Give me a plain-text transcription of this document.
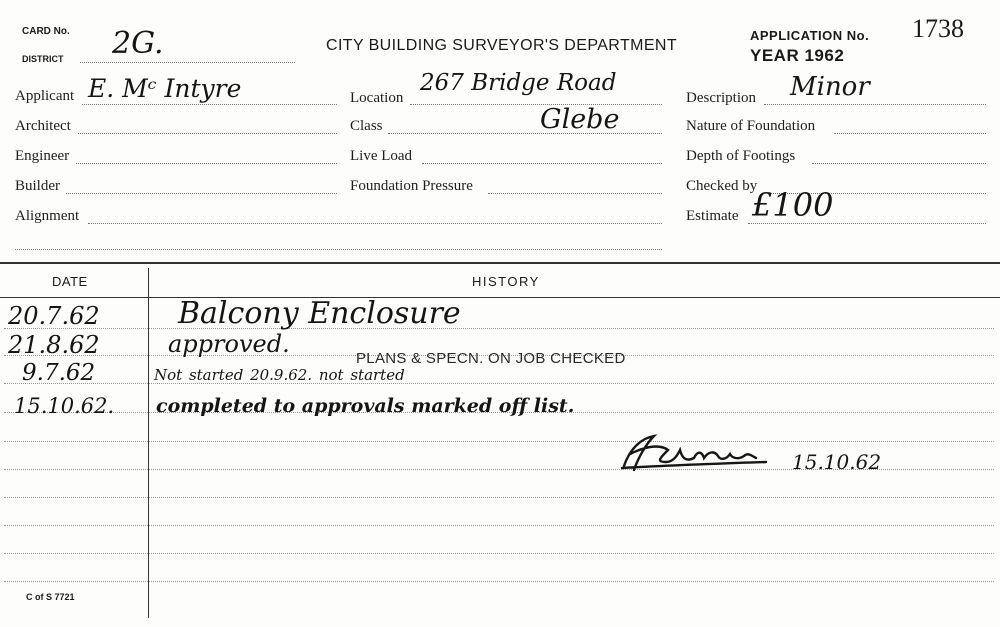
CARD No.
DISTRICT 2G.	CITY BUILDING SURVEYOR'S DEPARTMENT
APPLICATION No. 1738
YEAR 1962
Applicant E. Mᶜ Intyre
Architect
Engineer
Builder
Alignment
Location
267 Bridge Road
Class	Glebe
Live Load
Foundation Pressure
Description Minor
Nature of Foundation
Depth of Footings
Checked by
Estimate £100
DATE	HISTORY
20.7.62	Balcony Enclosure
21.8.62	approved.
PLANS & SPECN. ON JOB CHECKED
9.7.62	Not started 20.9.62. not started
15.10.62. completed to approvals marked off list.
15.10.62
C of S 7721
